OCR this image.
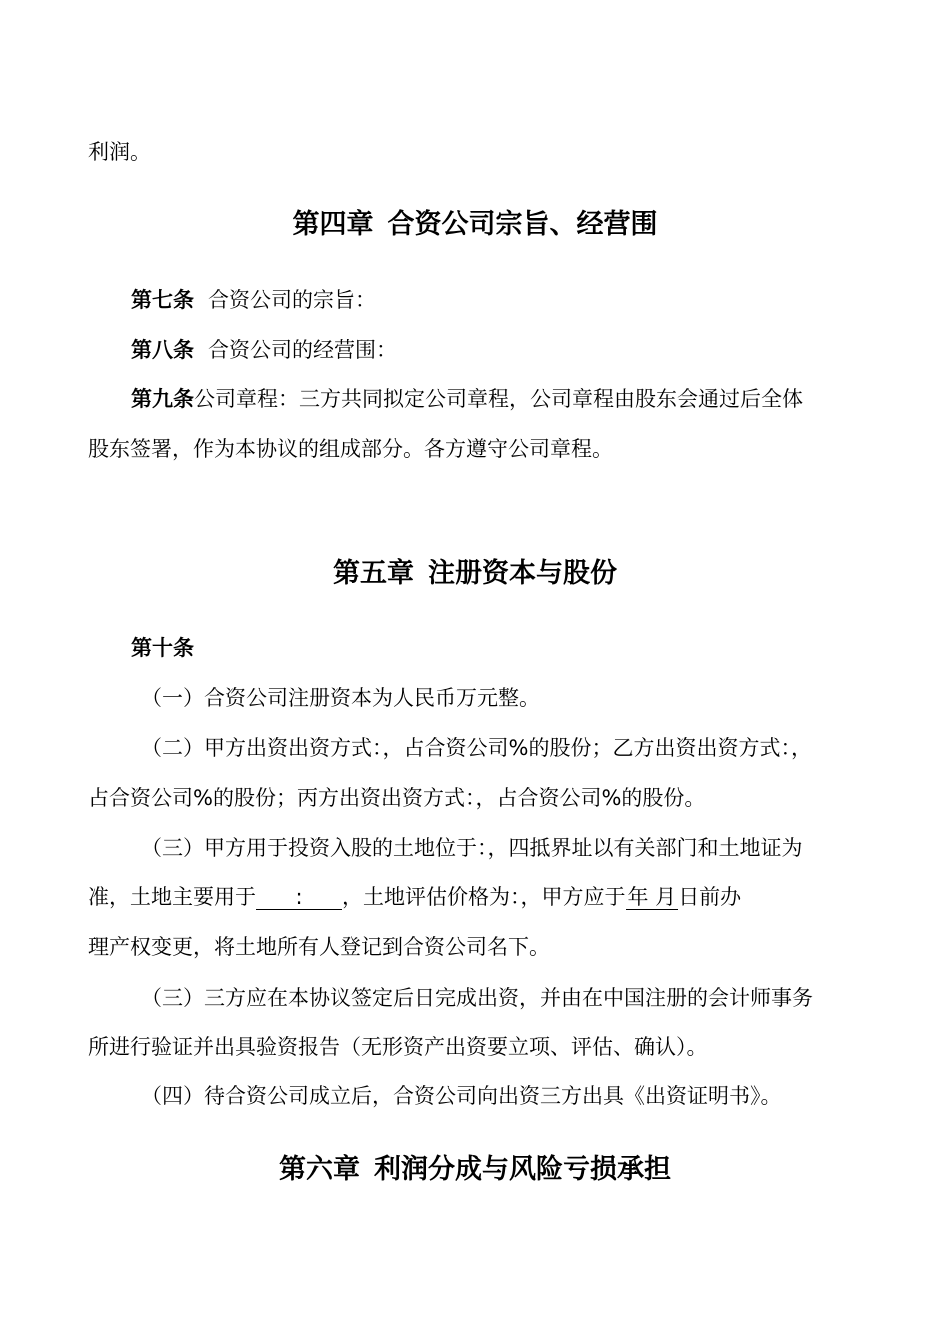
利润。
第四章 合资公司宗旨、经营围
第七条 合资公司的宗旨：
第八条 合资公司的经营围：
第九条公司章程：三方共同拟定公司章程，公司章程由股东会通过后全体
股东签署，作为本协议的组成部分。各方遵守公司章程。
第五章 注册资本与股份
第十条
（一）合资公司注册资本为人民币万元整。
（二）甲方出资出资方式：，占合资公司%的股份；乙方出资出资方式：，
占合资公司%的股份；丙方出资出资方式：，占合资公司%的股份。
（三）甲方用于投资入股的土地位于：，四抵界址以有关部门和土地证为
准，土地主要用于 : ，土地评估价格为：，甲方应于年 月日前办
理产权变更，将土地所有人登记到合资公司名下。
（三）三方应在本协议签定后日完成出资，并由在中国注册的会计师事务
所进行验证并出具验资报告（无形资产出资要立项、评估、确认）。
（四）待合资公司成立后，合资公司向出资三方出具《出资证明书》。
第六章 利润分成与风险亏损承担
